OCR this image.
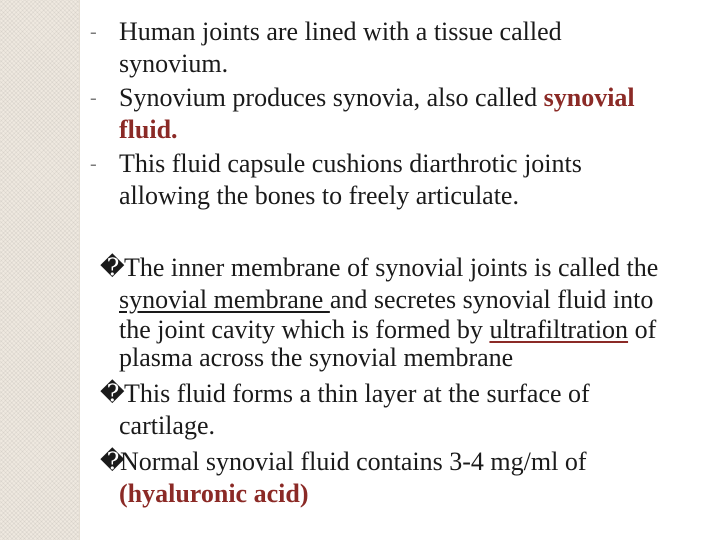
- Human joints are lined with a tissue called
synovium.
- Synovium produces synovia, also called synovial
fluid.
- This fluid capsule cushions diarthrotic joints
allowing the bones to freely articulate.
� The inner membrane of synovial joints is called the
synovial membrane and secretes synovial fluid into
the joint cavity which is formed by ultrafiltration of
plasma across the synovial membrane
� This fluid forms a thin layer at the surface of
cartilage.
�
Normal synovial fluid contains 3-4 mg/ml of
(hyaluronic acid)
